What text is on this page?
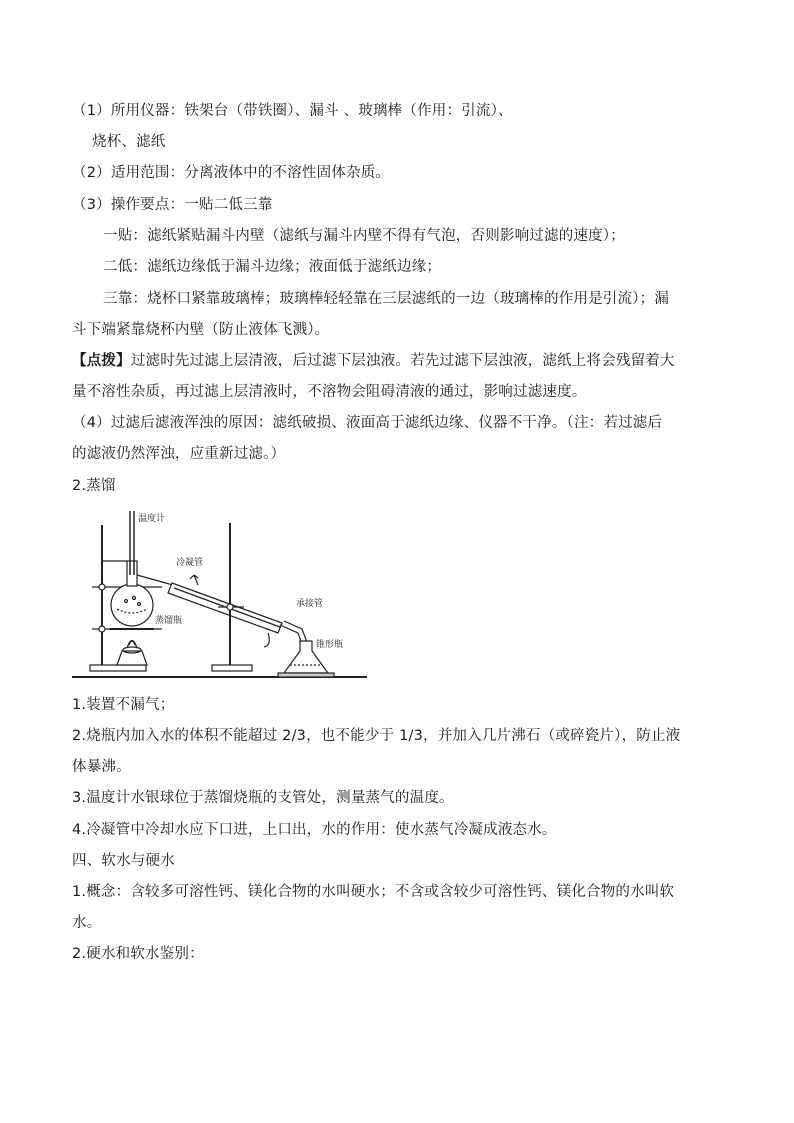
（1）所用仪器：铁架台（带铁圈）、漏斗 、玻璃棒（作用：引流）、
烧杯、滤纸
（2）适用范围：分离液体中的不溶性固体杂质。
（3）操作要点：一贴二低三靠
一贴：滤纸紧贴漏斗内壁（滤纸与漏斗内壁不得有气泡，否则影响过滤的速度）；
二低：滤纸边缘低于漏斗边缘；液面低于滤纸边缘；
三靠：烧杯口紧靠玻璃棒；玻璃棒轻轻靠在三层滤纸的一边（玻璃棒的作用是引流）；漏
斗下端紧靠烧杯内壁（防止液体飞溅）。
【点拨】过滤时先过滤上层清液，后过滤下层浊液。若先过滤下层浊液，滤纸上将会残留着大
量不溶性杂质，再过滤上层清液时，不溶物会阻碍清液的通过，影响过滤速度。
（4）过滤后滤液浑浊的原因：滤纸破损、液面高于滤纸边缘、仪器不干净。（注：若过滤后
的滤液仍然浑浊，应重新过滤。）
2.蒸馏
温度计
冷凝管
蒸馏瓶
承接管
锥形瓶
1.装置不漏气；
2.烧瓶内加入水的体积不能超过 2/3，也不能少于 1/3，并加入几片沸石（或碎瓷片），防止液
体暴沸。
3.温度计水银球位于蒸馏烧瓶的支管处，测量蒸气的温度。
4.冷凝管中冷却水应下口进，上口出，水的作用：使水蒸气冷凝成液态水。
四、软水与硬水
1.概念：含较多可溶性钙、镁化合物的水叫硬水；不含或含较少可溶性钙、镁化合物的水叫软
水。
2.硬水和软水鉴别：
